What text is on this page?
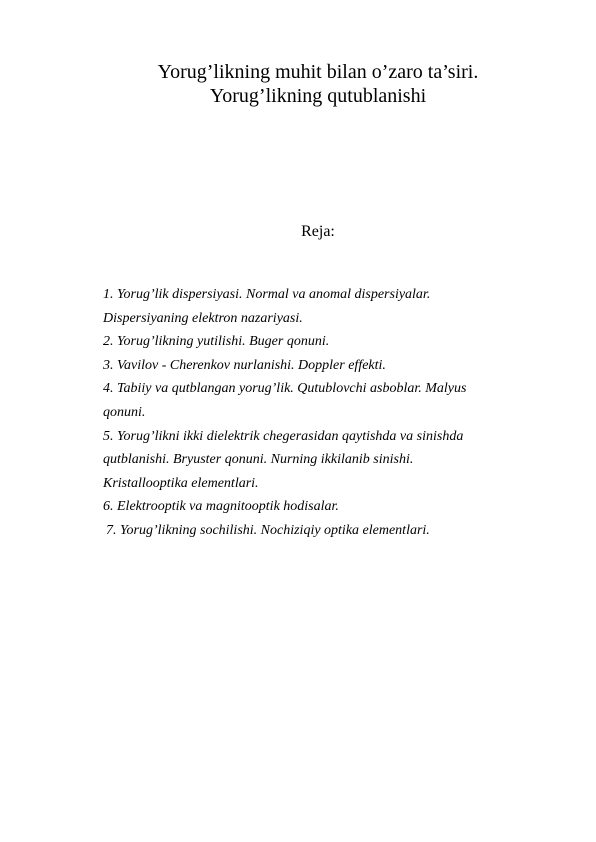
Yorug’likning muhit bilan o’zaro ta’siri.
Yorug’likning qutublanishi

Reja:

1. Yorug’lik dispersiyasi. Normal va anomal dispersiyalar.
Dispersiyaning elektron nazariyasi.
2. Yorug’likning yutilishi. Buger qonuni.
3. Vavilov - Cherenkov nurlanishi. Doppler effekti.
4. Tabiiy va qutblangan yorug’lik. Qutublovchi asboblar. Malyus
qonuni.
5. Yorug’likni ikki dielektrik chegerasidan qaytishda va sinishda
qutblanishi. Bryuster qonuni. Nurning ikkilanib sinishi.
Kristallooptika elementlari.
6. Elektrooptik va magnitooptik hodisalar.
7. Yorug’likning sochilishi. Nochiziqiy optika elementlari.
